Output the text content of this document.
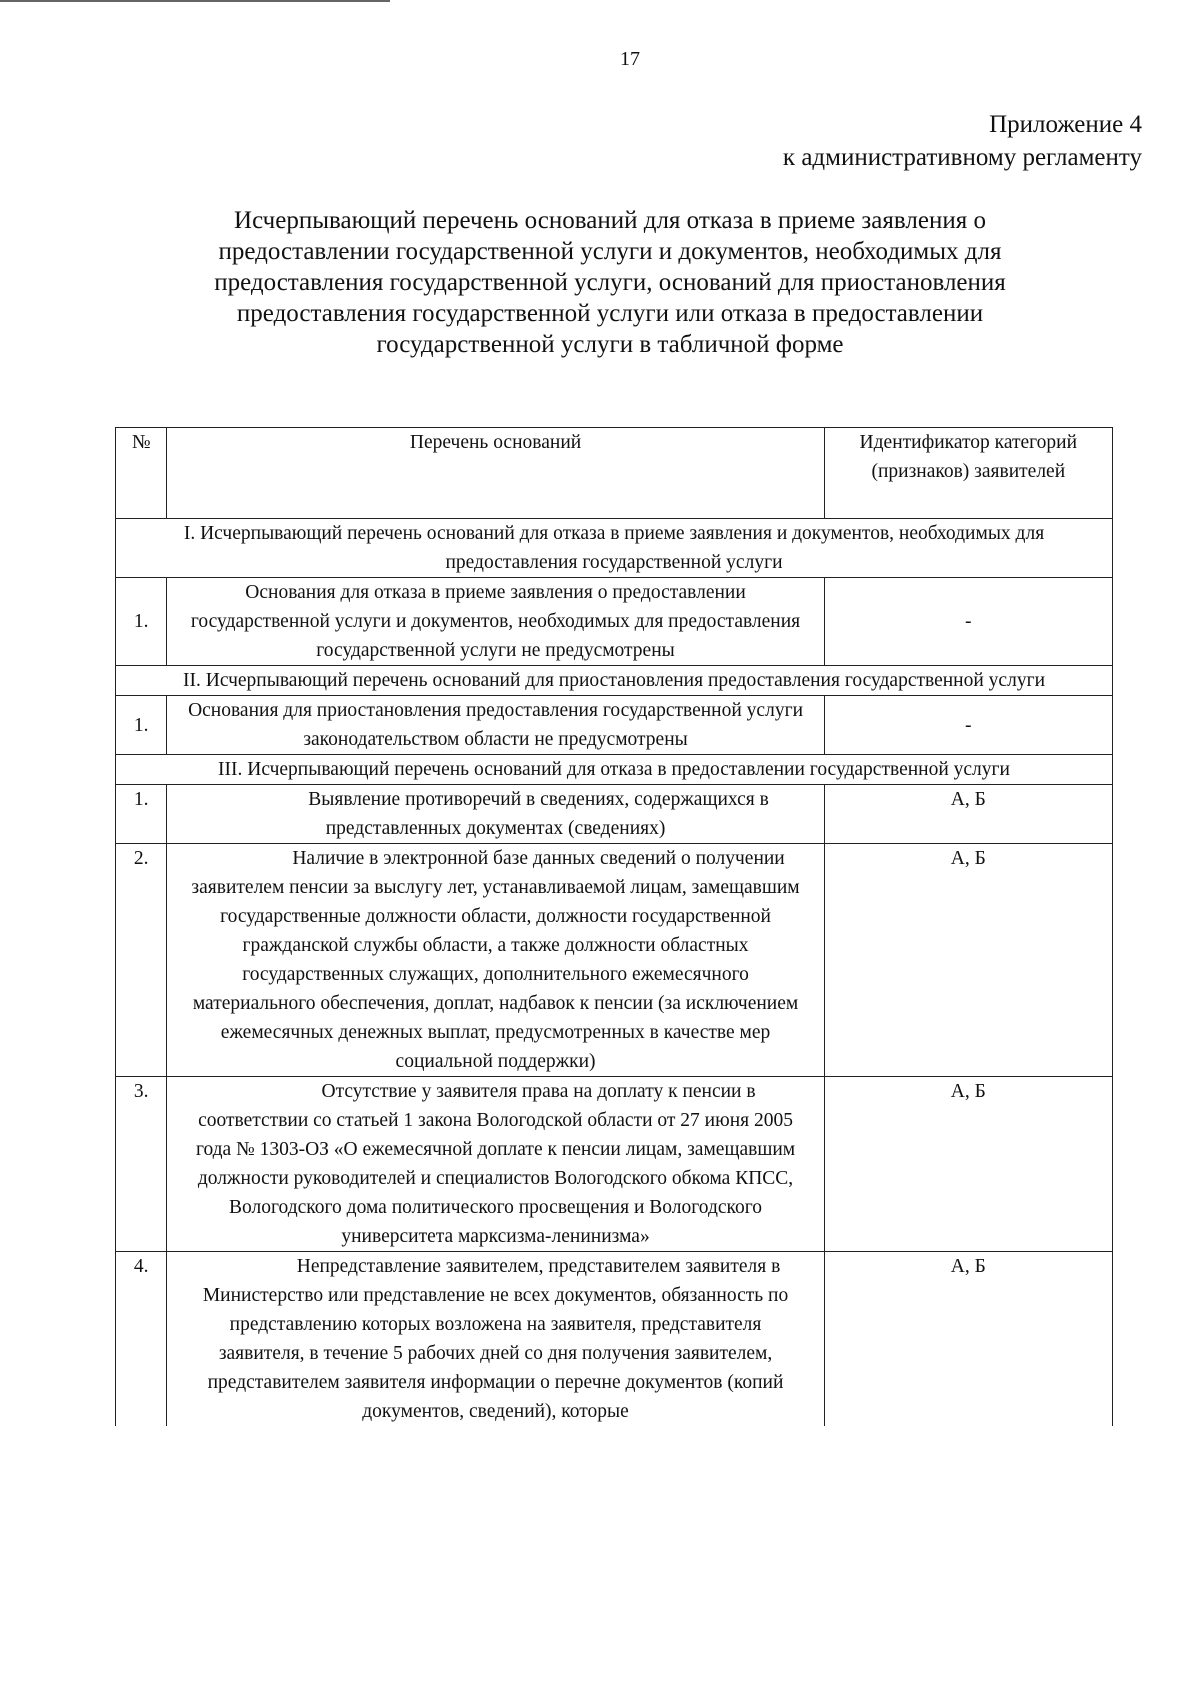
17
Приложение 4
к административному регламенту
Исчерпывающий перечень оснований для отказа в приеме заявления о предоставлении государственной услуги и документов, необходимых для предоставления государственной услуги, оснований для приостановления предоставления государственной услуги или отказа в предоставлении государственной услуги в табличной форме
№	Перечень оснований	Идентификатор категорий (признаков) заявителей
I. Исчерпывающий перечень оснований для отказа в приеме заявления и документов, необходимых для предоставления государственной услуги		
1.	Основания для отказа в приеме заявления о предоставлении государственной услуги и документов, необходимых для предоставления государственной услуги не предусмотрены	-
II. Исчерпывающий перечень оснований для приостановления предоставления государственной услуги		
1.	Основания для приостановления предоставления государственной услуги законодательством области не предусмотрены	-
III. Исчерпывающий перечень оснований для отказа в предоставлении государственной услуги		
1.	Выявление противоречий в сведениях, содержащихся в представленных документах (сведениях)	А, Б
2.	Наличие в электронной базе данных сведений о получении заявителем пенсии за выслугу лет, устанавливаемой лицам, замещавшим государственные должности области, должности государственной гражданской службы области, а также должности областных государственных служащих, дополнительного ежемесячного материального обеспечения, доплат, надбавок к пенсии (за исключением ежемесячных денежных выплат, предусмотренных в качестве мер социальной поддержки)	А, Б
3.	Отсутствие у заявителя права на доплату к пенсии в соответствии со статьей 1 закона Вологодской области от 27 июня 2005 года № 1303-ОЗ «О ежемесячной доплате к пенсии лицам, замещавшим должности руководителей и специалистов Вологодского обкома КПСС, Вологодского дома политического просвещения и Вологодского университета марксизма-ленинизма»	А, Б
4.	Непредставление заявителем, представителем заявителя в Министерство или представление не всех документов, обязанность по представлению которых возложена на заявителя, представителя заявителя, в течение 5 рабочих дней со дня получения заявителем, представителем заявителя информации о перечне документов (копий документов, сведений), которые	А, Б
